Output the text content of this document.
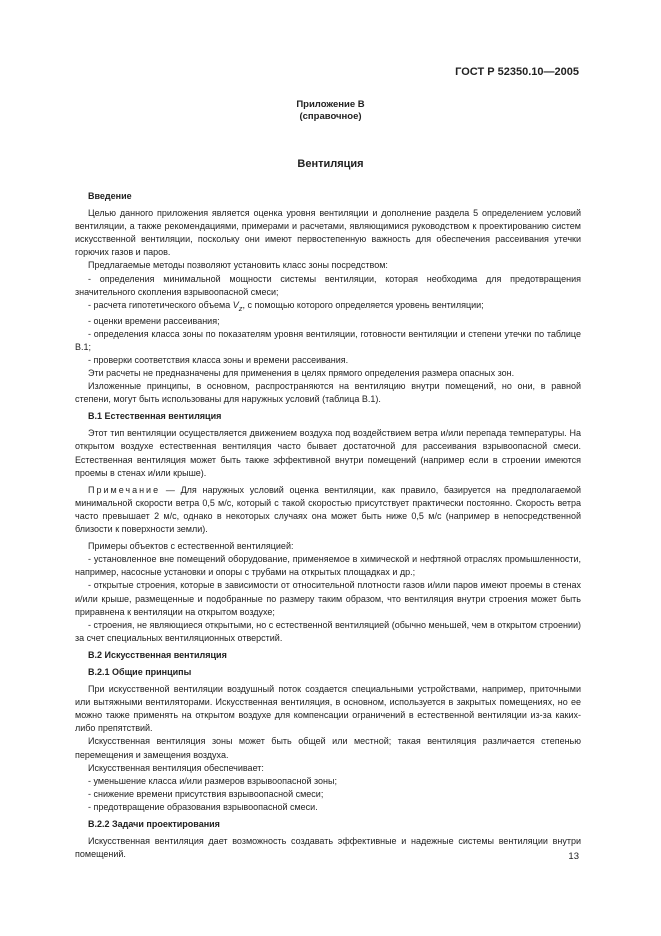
ГОСТ Р 52350.10—2005
Приложение В
(справочное)
Вентиляция

Введение

Целью данного приложения является оценка уровня вентиляции и дополнение раздела 5 определением условий вентиляции, а также рекомендациями, примерами и расчетами, являющимися руководством к проектированию систем искусственной вентиляции, поскольку они имеют первостепенную важность для обеспечения рассеивания утечки горючих газов и паров.

Предлагаемые методы позволяют установить класс зоны посредством:

- определения минимальной мощности системы вентиляции, которая необходима для предотвращения значительного скопления взрывоопасной смеси;

- расчета гипотетического объема $V_z$, с помощью которого определяется уровень вентиляции;

- оценки времени рассеивания;

- определения класса зоны по показателям уровня вентиляции, готовности вентиляции и степени утечки по таблице В.1;

- проверки соответствия класса зоны и времени рассеивания.

Эти расчеты не предназначены для применения в целях прямого определения размера опасных зон.

Изложенные принципы, в основном, распространяются на вентиляцию внутри помещений, но они, в равной степени, могут быть использованы для наружных условий (таблица В.1).

В.1 Естественная вентиляция

Этот тип вентиляции осуществляется движением воздуха под воздействием ветра и/или перепада температуры. На открытом воздухе естественная вентиляция часто бывает достаточной для рассеивания взрывоопасной смеси. Естественная вентиляция может быть также эффективной внутри помещений (например если в строении имеются проемы в стенах и/или крыше).

Примечание — Для наружных условий оценка вентиляции, как правило, базируется на предполагаемой минимальной скорости ветра 0,5 м/с, который с такой скоростью присутствует практически постоянно. Скорость ветра часто превышает 2 м/с, однако в некоторых случаях она может быть ниже 0,5 м/с (например в непосредственной близости к поверхности земли).

Примеры объектов с естественной вентиляцией:

- установленное вне помещений оборудование, применяемое в химической и нефтяной отраслях промышленности, например, насосные установки и опоры с трубами на открытых площадках и др.;

- открытые строения, которые в зависимости от относительной плотности газов и/или паров имеют проемы в стенах и/или крыше, размещенные и подобранные по размеру таким образом, что вентиляция внутри строения может быть приравнена к вентиляции на открытом воздухе;

- строения, не являющиеся открытыми, но с естественной вентиляцией (обычно меньшей, чем в открытом строении) за счет специальных вентиляционных отверстий.

В.2 Искусственная вентиляция

В.2.1 Общие принципы

При искусственной вентиляции воздушный поток создается специальными устройствами, например, приточными или вытяжными вентиляторами. Искусственная вентиляция, в основном, используется в закрытых помещениях, но ее можно также применять на открытом воздухе для компенсации ограничений в естественной вентиляции из-за каких-либо препятствий.

Искусственная вентиляция зоны может быть общей или местной; такая вентиляция различается степенью перемещения и замещения воздуха.

Искусственная вентиляция обеспечивает:

- уменьшение класса и/или размеров взрывоопасной зоны;

- снижение времени присутствия взрывоопасной смеси;

- предотвращение образования взрывоопасной смеси.

В.2.2 Задачи проектирования

Искусственная вентиляция дает возможность создавать эффективные и надежные системы вентиляции внутри помещений.	13
